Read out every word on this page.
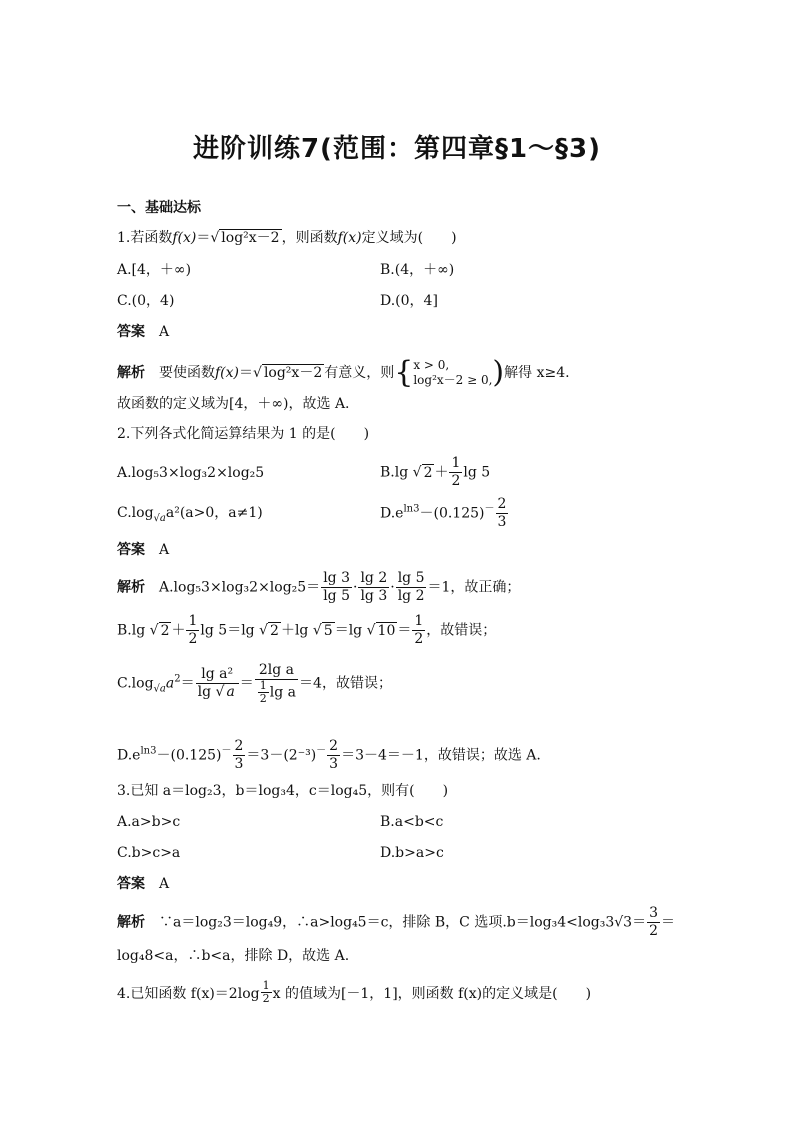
进阶训练7(范围：第四章§1～§3)
一、基础达标
1.若函数f(x)＝√ log²x－2 ，则函数f(x)定义域为(　　)
A.[4，＋∞)	B.(4，＋∞)
C.(0，4)	D.(0，4]
答案　 A
解析　 要使函数f(x)＝√ log²x－2 有意义，则{ x > 0,
log²x－2 ≥ 0, )解得 x≥4.
故函数的定义域为[4，＋∞)，故选 A.
2.下列各式化简运算结果为 1 的是(　　)
A.log₅3×log₃2×log₂5	B.lg √ $2 + \frac{1}{2}$ lg 5
$C.\log_{√a}a^2(a>0$，a≠1)	$D.e^{ln3}-(0.125)^- \frac{2}{3}$
答案　 A
解析　 $A.\log_53\times\log_32\times\log_25= \frac{\lg 3}{\lg 5} \cdot \frac{\lg 2}{\lg 3} \cdot \frac{\lg 5}{\lg 2} =1$，故正确；
B.lg √ $2 + \frac{1}{2}$ lg 5＝lg √ 2 ＋lg √ 5 ＝lg √ $10 = \frac{1}{2}$ ，故错误；
$C.\log_{√a}a^2= \frac{\text{lg a²}}{\lg √ a} = \frac{\text{2lg a}}{\frac{1}{2} \lg a} =4$，故错误；
$D.e^{ln3}-(0.125)^- \frac{2}{3} =3-(2^{-3})^- \frac{2}{3} =3-4=-1$，故错误；故选 A.
3.已知 a＝log₂3，b＝log₃4，c＝log₄5，则有(　　)
A.a>b>c	B.a<b<c
C.b>c>a	D.b>a>c
答案　 A
解析　 ∵a＝log₂3＝log₄9，∴a>log₄5＝c，排除 B，C 选项$.b=\log_34<\log_33√3= \frac{3}{2}$ ＝
log₄8<a，∴b<a，排除 D，故选 A.
4.已知函数 $f(x)=2\log \frac{1}{2}$ x 的值域为[－1，1]，则函数 f(x)的定义域是(　　)
